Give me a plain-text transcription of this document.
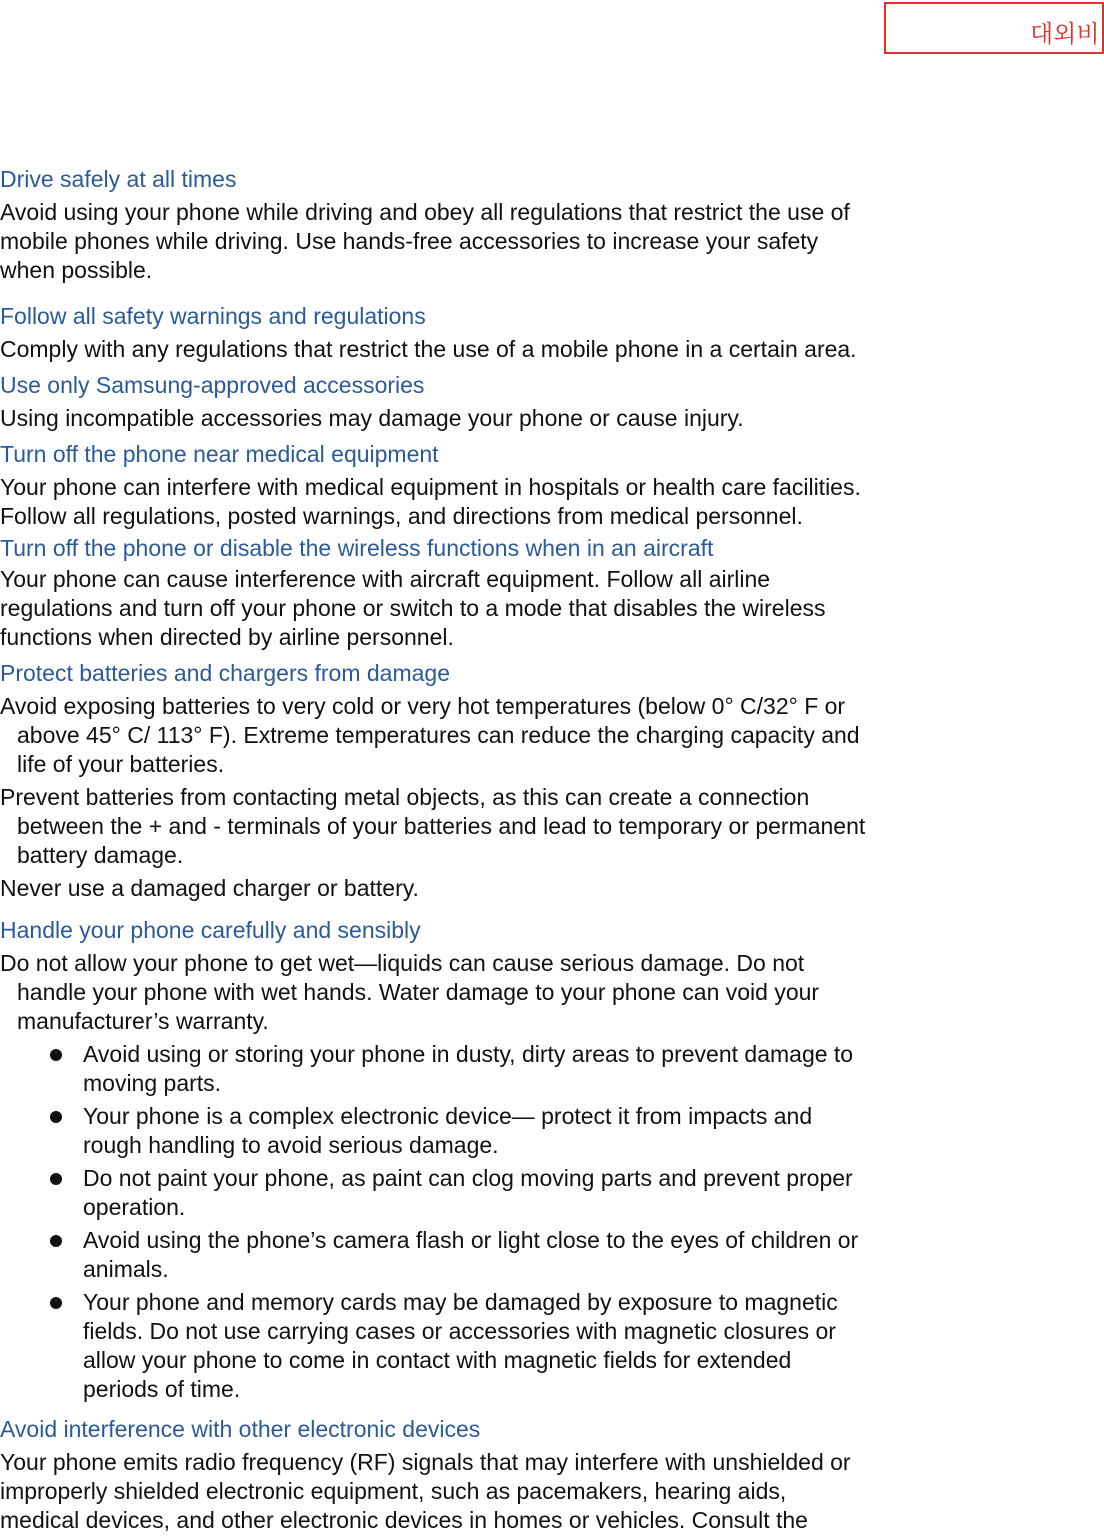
대외비

Drive safely at all times

Avoid using your phone while driving and obey all regulations that restrict the use of

mobile phones while driving. Use hands-free accessories to increase your safety

when possible.

Follow all safety warnings and regulations

Comply with any regulations that restrict the use of a mobile phone in a certain area.

Use only Samsung-approved accessories

Using incompatible accessories may damage your phone or cause injury.

Turn off the phone near medical equipment

Your phone can interfere with medical equipment in hospitals or health care facilities.

Follow all regulations, posted warnings, and directions from medical personnel.

Turn off the phone or disable the wireless functions when in an aircraft

Your phone can cause interference with aircraft equipment. Follow all airline

regulations and turn off your phone or switch to a mode that disables the wireless

functions when directed by airline personnel.

Protect batteries and chargers from damage

Avoid exposing batteries to very cold or very hot temperatures (below 0° C/32° F or

above 45° C/ 113° F). Extreme temperatures can reduce the charging capacity and

life of your batteries.

Prevent batteries from contacting metal objects, as this can create a connection

between the + and - terminals of your batteries and lead to temporary or permanent

battery damage.

Never use a damaged charger or battery.

Handle your phone carefully and sensibly

Do not allow your phone to get wet—liquids can cause serious damage. Do not

handle your phone with wet hands. Water damage to your phone can void your

manufacturer’s warranty.

Avoid using or storing your phone in dusty, dirty areas to prevent damage to

moving parts.

Your phone is a complex electronic device— protect it from impacts and

rough handling to avoid serious damage.

Do not paint your phone, as paint can clog moving parts and prevent proper

operation.

Avoid using the phone’s camera flash or light close to the eyes of children or

animals.

Your phone and memory cards may be damaged by exposure to magnetic

fields. Do not use carrying cases or accessories with magnetic closures or

allow your phone to come in contact with magnetic fields for extended

periods of time.

Avoid interference with other electronic devices

Your phone emits radio frequency (RF) signals that may interfere with unshielded or

improperly shielded electronic equipment, such as pacemakers, hearing aids,

medical devices, and other electronic devices in homes or vehicles. Consult the
